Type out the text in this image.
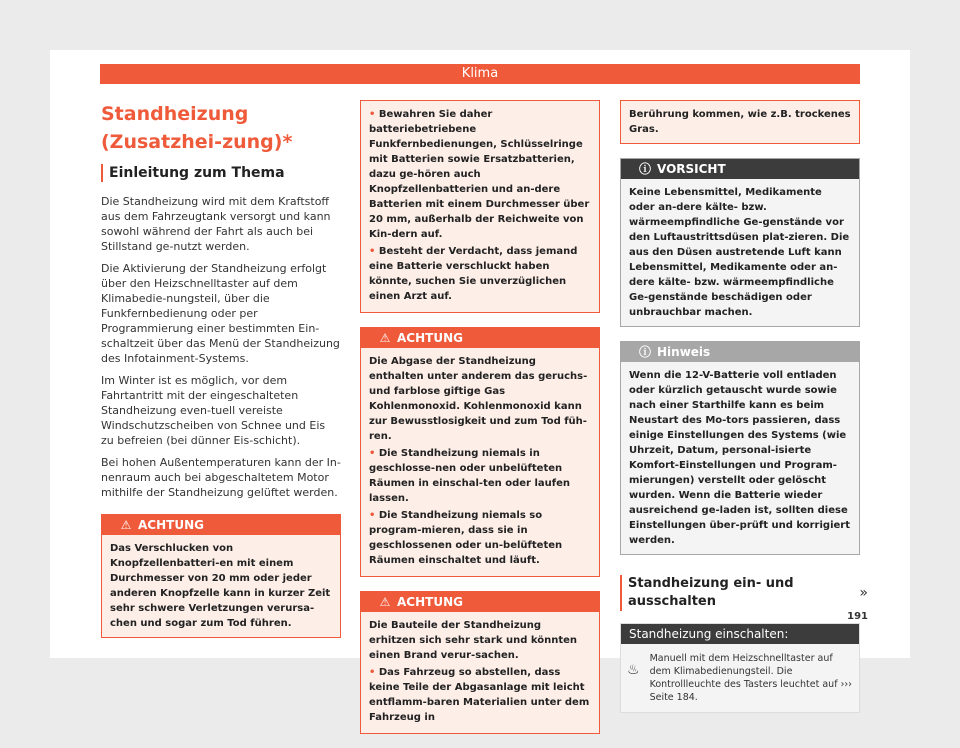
Klima
Standheizung (Zusatzhei-zung)*
Einleitung zum Thema

Die Standheizung wird mit dem Kraftstoff aus dem Fahrzeugtank versorgt und kann sowohl während der Fahrt als auch bei Stillstand ge-nutzt werden.

Die Aktivierung der Standheizung erfolgt über den Heizschnelltaster auf dem Klimabedie-nungsteil, über die Funkfernbedienung oder per Programmierung einer bestimmten Ein-schaltzeit über das Menü der Standheizung des Infotainment-Systems.

Im Winter ist es möglich, vor dem Fahrtantritt mit der eingeschalteten Standheizung even-tuell vereiste Windschutzscheiben von Schnee und Eis zu befreien (bei dünner Eis-schicht).

Bei hohen Außentemperaturen kann der In-nenraum auch bei abgeschaltetem Motor mithilfe der Standheizung gelüftet werden.

⚠ ACHTUNG
Das Verschlucken von Knopfzellenbatteri-en mit einem Durchmesser von 20 mm oder jeder anderen Knopfzelle kann in kurzer Zeit sehr schwere Verletzungen verursa-chen und sogar zum Tod führen.

• Bewahren Sie daher batteriebetriebene Funkfernbedienungen, Schlüsselringe mit Batterien sowie Ersatzbatterien, dazu ge-hören auch Knopfzellenbatterien und an-dere Batterien mit einem Durchmesser über 20 mm, außerhalb der Reichweite von Kin-dern auf.

• Besteht der Verdacht, dass jemand eine Batterie verschluckt haben könnte, suchen Sie unverzüglichen einen Arzt auf.

⚠ ACHTUNG

Die Abgase der Standheizung enthalten unter anderem das geruchs- und farblose giftige Gas Kohlenmonoxid. Kohlenmonoxid kann zur Bewusstlosigkeit und zum Tod füh-ren.

• Die Standheizung niemals in geschlosse-nen oder unbelüfteten Räumen in einschal-ten oder laufen lassen.

• Die Standheizung niemals so program-mieren, dass sie in geschlossenen oder un-belüfteten Räumen einschaltet und läuft.

⚠ ACHTUNG

Die Bauteile der Standheizung erhitzen sich sehr stark und könnten einen Brand verur-sachen.

• Das Fahrzeug so abstellen, dass keine Teile der Abgasanlage mit leicht entflamm-baren Materialien unter dem Fahrzeug in

Berührung kommen, wie z.B. trockenes Gras.
ⓘ VORSICHT
Keine Lebensmittel, Medikamente oder an-dere kälte- bzw. wärmeempfindliche Ge-genstände vor den Luftaustrittsdüsen plat-zieren. Die aus den Düsen austretende Luft kann Lebensmittel, Medikamente oder an-dere kälte- bzw. wärmeempfindliche Ge-genstände beschädigen oder unbrauchbar machen.
ⓘ Hinweis
Wenn die 12-V-Batterie voll entladen oder kürzlich getauscht wurde sowie nach einer Starthilfe kann es beim Neustart des Mo-tors passieren, dass einige Einstellungen des Systems (wie Uhrzeit, Datum, personal-isierte Komfort-Einstellungen und Program-mierungen) verstellt oder gelöscht wurden. Wenn die Batterie wieder ausreichend ge-laden ist, sollten diese Einstellungen über-prüft und korrigiert werden.
Standheizung ein- und ausschalten
Standheizung einschalten:
♨
Manuell mit dem Heizschnelltaster auf dem Klimabedienungsteil. Die Kontrollleuchte des Tasters leuchtet auf ››› Seite 184.
»
191
